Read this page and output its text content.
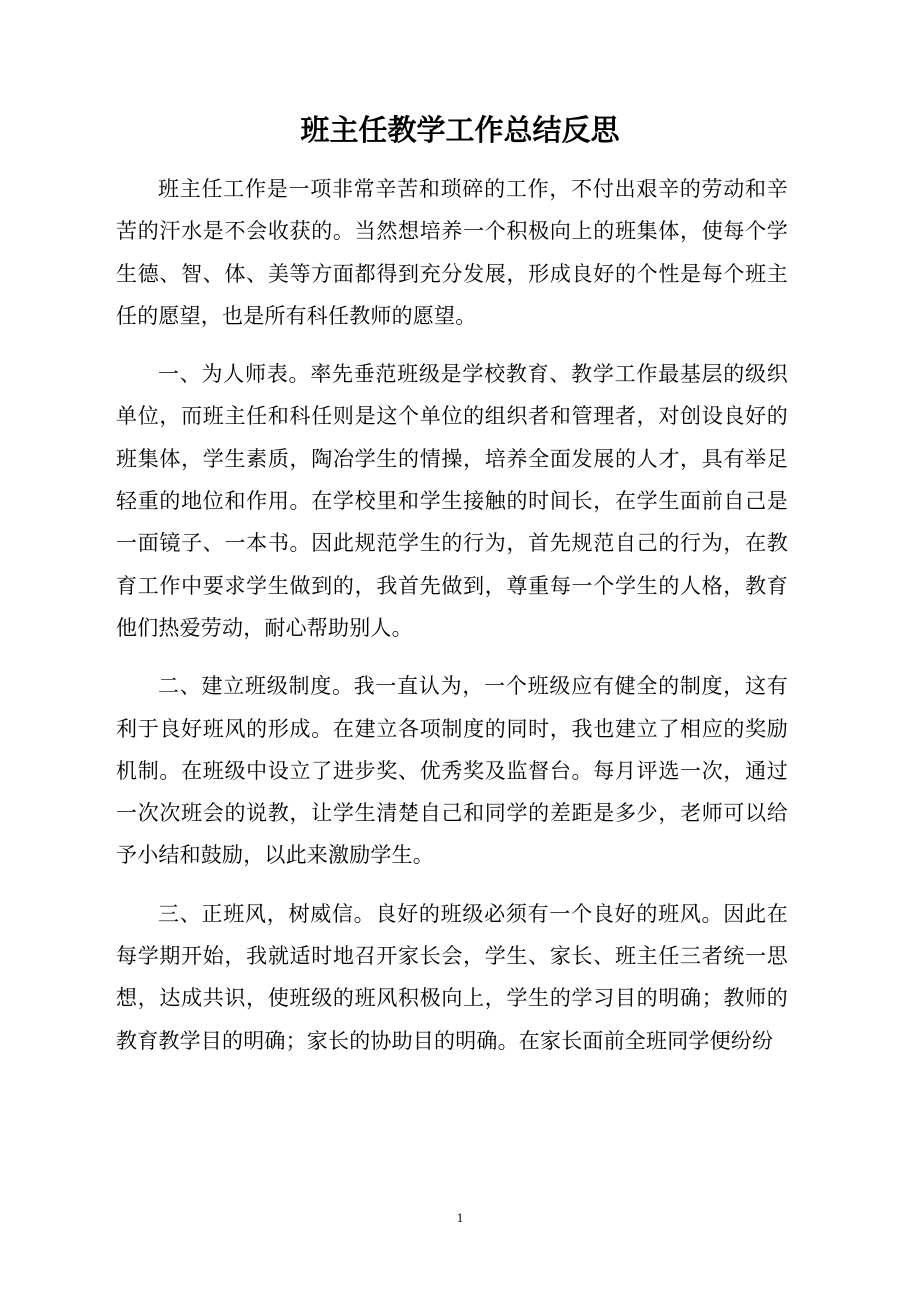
班主任教学工作总结反思

班主任工作是一项非常辛苦和琐碎的工作，不付出艰辛的劳动和辛苦的汗水是不会收获的。当然想培养一个积极向上的班集体，使每个学生德、智、体、美等方面都得到充分发展，形成良好的个性是每个班主任的愿望，也是所有科任教师的愿望。

一、为人师表。率先垂范班级是学校教育、教学工作最基层的级织单位，而班主任和科任则是这个单位的组织者和管理者，对创设良好的班集体，学生素质，陶冶学生的情操，培养全面发展的人才，具有举足轻重的地位和作用。在学校里和学生接触的时间长，在学生面前自己是一面镜子、一本书。因此规范学生的行为，首先规范自己的行为，在教育工作中要求学生做到的，我首先做到，尊重每一个学生的人格，教育他们热爱劳动，耐心帮助别人。

二、建立班级制度。我一直认为，一个班级应有健全的制度，这有利于良好班风的形成。在建立各项制度的同时，我也建立了相应的奖励机制。在班级中设立了进步奖、优秀奖及监督台。每月评选一次，通过一次次班会的说教，让学生清楚自己和同学的差距是多少，老师可以给予小结和鼓励，以此来激励学生。

三、正班风，树威信。良好的班级必须有一个良好的班风。因此在每学期开始，我就适时地召开家长会，学生、家长、班主任三者统一思想，达成共识，使班级的班风积极向上，学生的学习目的明确；教师的教育教学目的明确；家长的协助目的明确。在家长面前全班同学便纷纷

1
